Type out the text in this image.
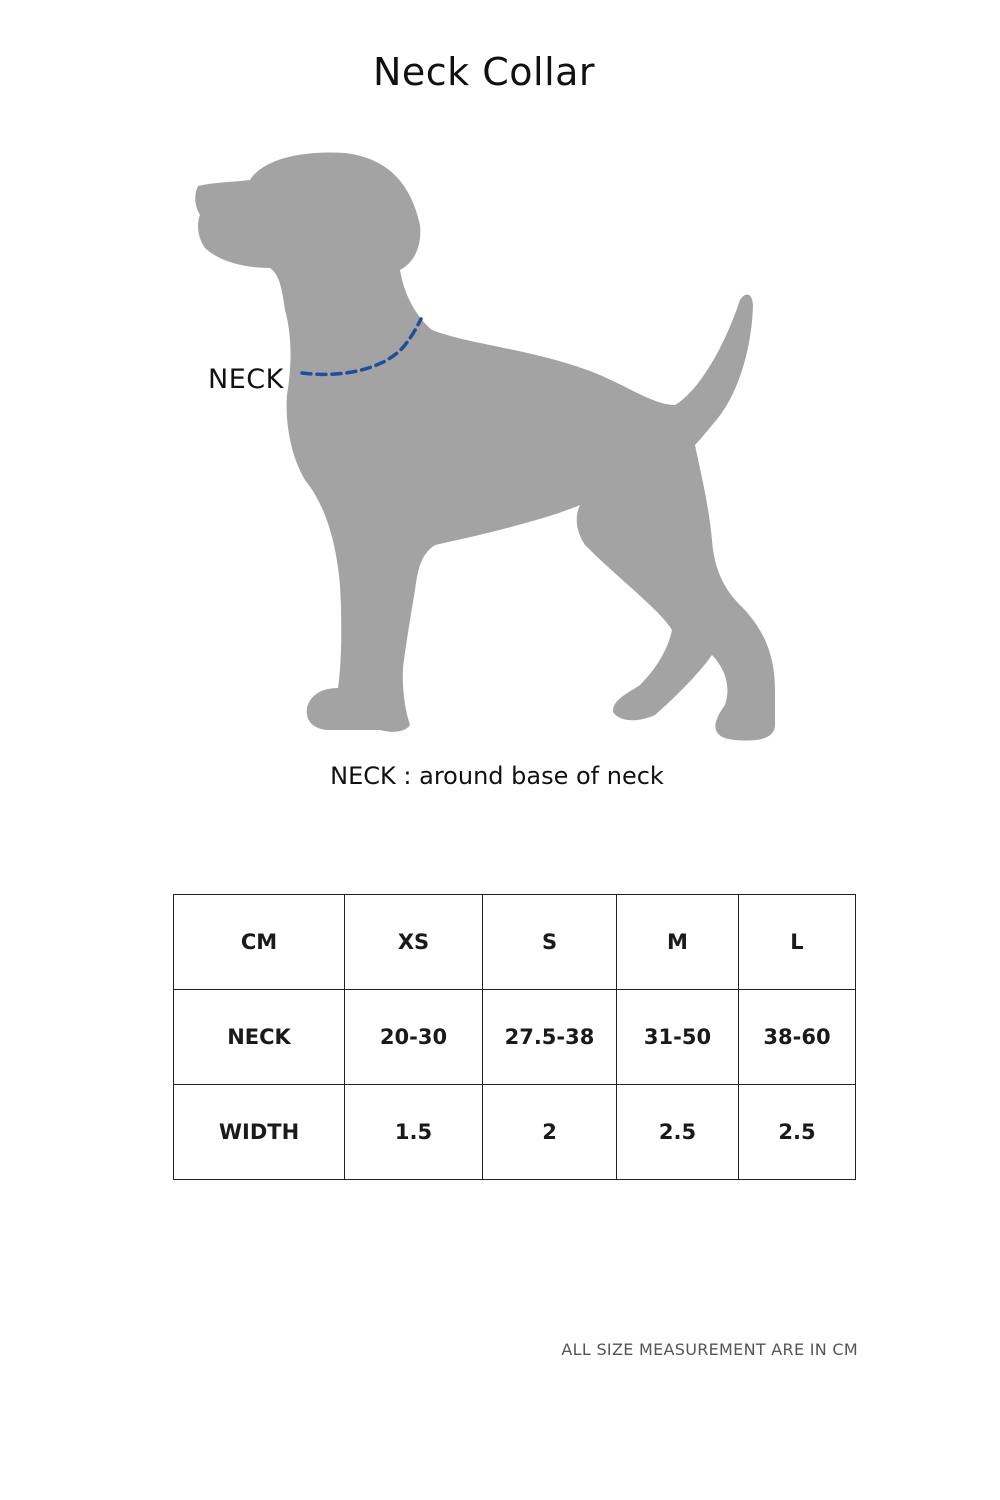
Neck Collar
NECK
NECK : around base of neck
CM	XS	S	M	L
NECK	20-30	27.5-38	31-50	38-60
WIDTH	1.5	2	2.5	2.5
ALL SIZE MEASUREMENT ARE IN CM
